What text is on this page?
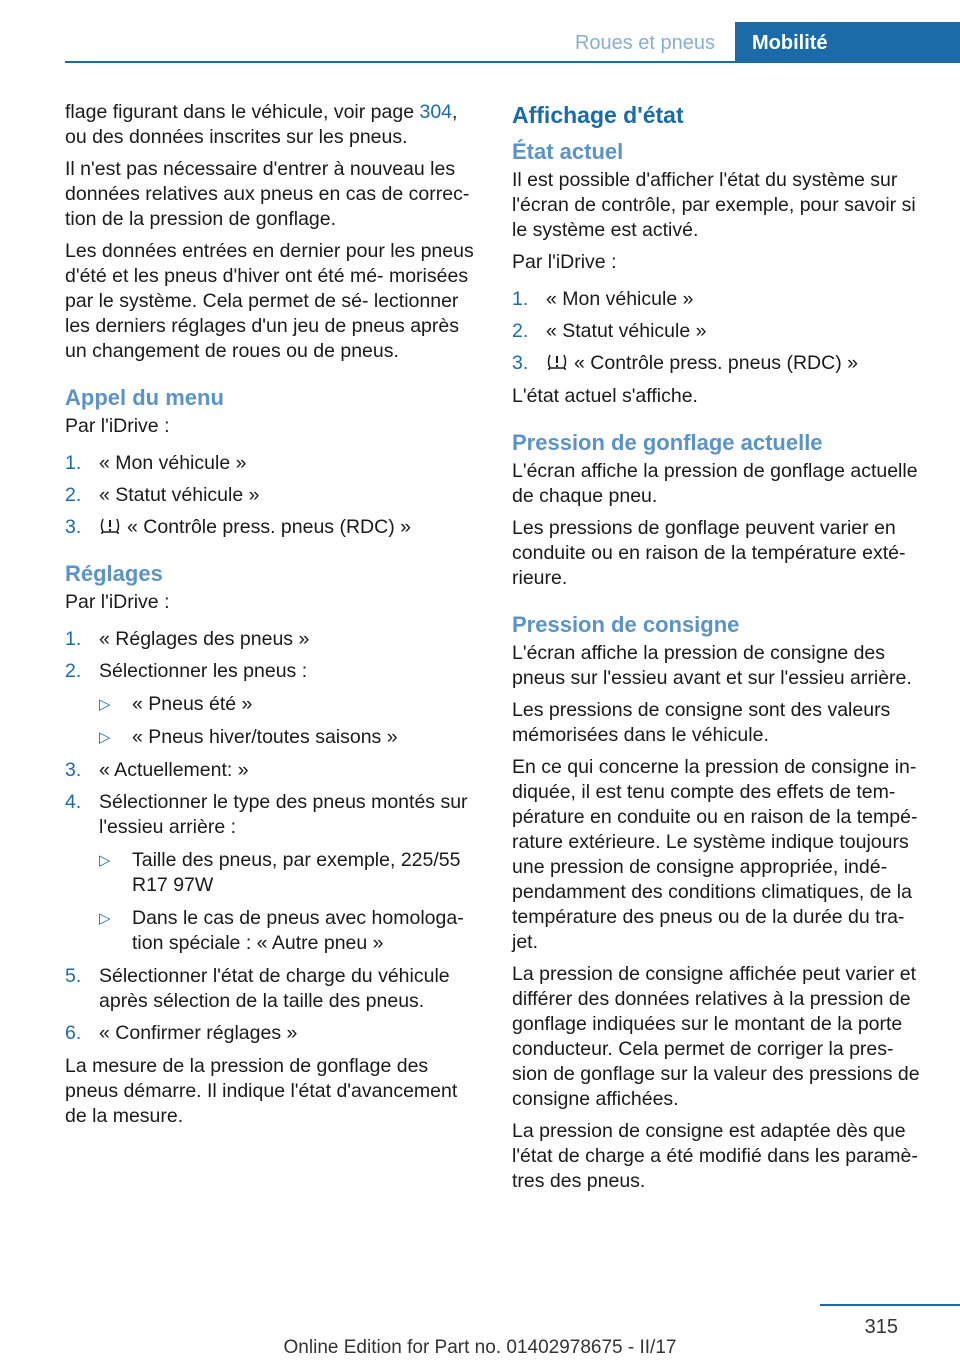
Roues et pneus	Mobilité

flage figurant dans le véhicule, voir page 304, ou des données inscrites sur les pneus.

Il n'est pas nécessaire d'entrer à nouveau les données relatives aux pneus en cas de correc‐ tion de la pression de gonflage.

Les données entrées en dernier pour les pneus d'été et les pneus d'hiver ont été mé‐ morisées par le système. Cela permet de sé‐ lectionner les derniers réglages d'un jeu de pneus après un changement de roues ou de pneus.

Appel du menu

Par l'iDrive :

1. « Mon véhicule »
2. « Statut véhicule »
3. « Contrôle press. pneus (RDC) »
Réglages

Par l'iDrive :

1. « Réglages des pneus »
2. Sélectionner les pneus :
▷ « Pneus été »
▷ « Pneus hiver/toutes saisons »
3. « Actuellement: »
4. Sélectionner le type des pneus montés sur l'essieu arrière :
▷ Taille des pneus, par exemple, 225/55 R17 97W
▷ Dans le cas de pneus avec homologa‐ tion spéciale : « Autre pneu »
5. Sélectionner l'état de charge du véhicule après sélection de la taille des pneus.
6. « Confirmer réglages »

La mesure de la pression de gonflage des pneus démarre. Il indique l'état d'avancement de la mesure.

Affichage d'état
État actuel

Il est possible d'afficher l'état du système sur l'écran de contrôle, par exemple, pour savoir si le système est activé.

Par l'iDrive :

1. « Mon véhicule »
2. « Statut véhicule »
3. « Contrôle press. pneus (RDC) »

L'état actuel s'affiche.

Pression de gonflage actuelle

L'écran affiche la pression de gonflage actuelle de chaque pneu.

Les pressions de gonflage peuvent varier en conduite ou en raison de la température exté‐ rieure.

Pression de consigne

L'écran affiche la pression de consigne des pneus sur l'essieu avant et sur l'essieu arrière.

Les pressions de consigne sont des valeurs mémorisées dans le véhicule.

En ce qui concerne la pression de consigne in‐ diquée, il est tenu compte des effets de tem‐ pérature en conduite ou en raison de la tempé‐ rature extérieure. Le système indique toujours une pression de consigne appropriée, indé‐ pendamment des conditions climatiques, de la température des pneus ou de la durée du tra‐ jet.

La pression de consigne affichée peut varier et différer des données relatives à la pression de gonflage indiquées sur le montant de la porte conducteur. Cela permet de corriger la pres‐ sion de gonflage sur la valeur des pressions de consigne affichées.

La pression de consigne est adaptée dès que l'état de charge a été modifié dans les paramè‐ tres des pneus.

315
Online Edition for Part no. 01402978675 - II/17
